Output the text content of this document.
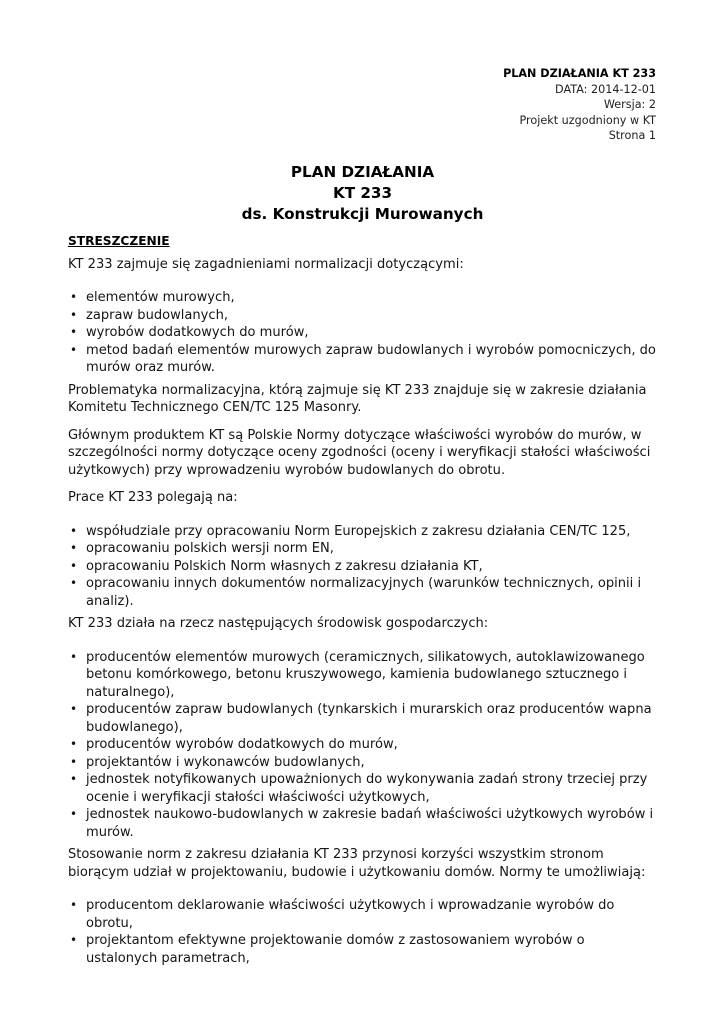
PLAN DZIAŁANIA KT 233
DATA: 2014-12-01
Wersja: 2
Projekt uzgodniony w KT
Strona 1
PLAN DZIAŁANIA
KT 233
ds. Konstrukcji Murowanych
STRESZCZENIE

KT 233 zajmuje się zagadnieniami normalizacji dotyczącymi:

• elementów murowych,
• zapraw budowlanych,
• wyrobów dodatkowych do murów,
• metod badań elementów murowych zapraw budowlanych i wyrobów pomocniczych, do murów oraz murów.

Problematyka normalizacyjna, którą zajmuje się KT 233 znajduje się w zakresie działania Komitetu Technicznego CEN/TC 125 Masonry.

Głównym produktem KT są Polskie Normy dotyczące właściwości wyrobów do murów, w szczególności normy dotyczące oceny zgodności (oceny i weryfikacji stałości właściwości użytkowych) przy wprowadzeniu wyrobów budowlanych do obrotu.

Prace KT 233 polegają na:

• współudziale przy opracowaniu Norm Europejskich z zakresu działania CEN/TC 125,
• opracowaniu polskich wersji norm EN,
• opracowaniu Polskich Norm własnych z zakresu działania KT,
• opracowaniu innych dokumentów normalizacyjnych (warunków technicznych, opinii i analiz).

KT 233 działa na rzecz następujących środowisk gospodarczych:

• producentów elementów murowych (ceramicznych, silikatowych, autoklawizowanego betonu komórkowego, betonu kruszywowego, kamienia budowlanego sztucznego i naturalnego),
• producentów zapraw budowlanych (tynkarskich i murarskich oraz producentów wapna budowlanego),
• producentów wyrobów dodatkowych do murów,
• projektantów i wykonawców budowlanych,
• jednostek notyfikowanych upoważnionych do wykonywania zadań strony trzeciej przy ocenie i weryfikacji stałości właściwości użytkowych,
• jednostek naukowo-budowlanych w zakresie badań właściwości użytkowych wyrobów i murów.

Stosowanie norm z zakresu działania KT 233 przynosi korzyści wszystkim stronom biorącym udział w projektowaniu, budowie i użytkowaniu domów. Normy te umożliwiają:

• producentom deklarowanie właściwości użytkowych i wprowadzanie wyrobów do obrotu,
• projektantom efektywne projektowanie domów z zastosowaniem wyrobów o ustalonych parametrach,
